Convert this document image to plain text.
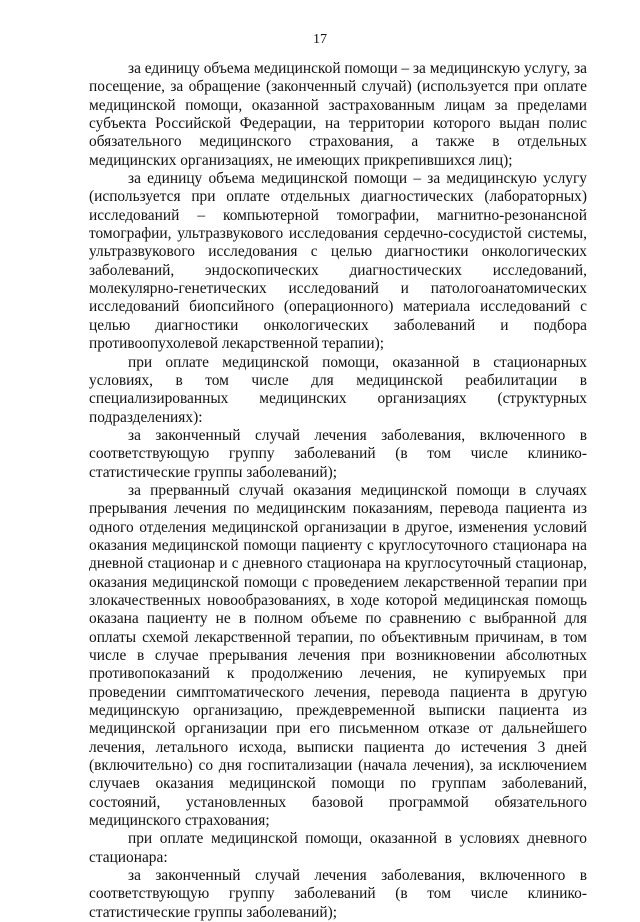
17

за единицу объема медицинской помощи – за медицинскую услугу, за посещение, за обращение (законченный случай) (используется при оплате медицинской помощи, оказанной застрахованным лицам за пределами субъекта Российской Федерации, на территории которого выдан полис обязательного медицинского страхования, а также в отдельных медицинских организациях, не имеющих прикрепившихся лиц);

за единицу объема медицинской помощи – за медицинскую услугу (используется при оплате отдельных диагностических (лабораторных) исследований – компьютерной томографии, магнитно-резонансной томографии, ультразвукового исследования сердечно-сосудистой системы, ультразвукового исследования с целью диагностики онкологических заболеваний, эндоскопических диагностических исследований, молекулярно-генетических исследований и патологоанатомических исследований биопсийного (операционного) материала исследований с целью диагностики онкологических заболеваний и подбора противоопухолевой лекарственной терапии);

при оплате медицинской помощи, оказанной в стационарных условиях, в том числе для медицинской реабилитации в специализированных медицинских организациях (структурных подразделениях):

за законченный случай лечения заболевания, включенного в соответствующую группу заболеваний (в том числе клинико-статистические группы заболеваний);

за прерванный случай оказания медицинской помощи в случаях прерывания лечения по медицинским показаниям, перевода пациента из одного отделения медицинской организации в другое, изменения условий оказания медицинской помощи пациенту с круглосуточного стационара на дневной стационар и с дневного стационара на круглосуточный стационар, оказания медицинской помощи с проведением лекарственной терапии при злокачественных новообразованиях, в ходе которой медицинская помощь оказана пациенту не в полном объеме по сравнению с выбранной для оплаты схемой лекарственной терапии, по объективным причинам, в том числе в случае прерывания лечения при возникновении абсолютных противопоказаний к продолжению лечения, не купируемых при проведении симптоматического лечения, перевода пациента в другую медицинскую организацию, преждевременной выписки пациента из медицинской организации при его письменном отказе от дальнейшего лечения, летального исхода, выписки пациента до истечения 3 дней (включительно) со дня госпитализации (начала лечения), за исключением случаев оказания медицинской помощи по группам заболеваний, состояний, установленных базовой программой обязательного медицинского страхования;

при оплате медицинской помощи, оказанной в условиях дневного стационара:

за законченный случай лечения заболевания, включенного в соответствующую группу заболеваний (в том числе клинико-статистические группы заболеваний);
